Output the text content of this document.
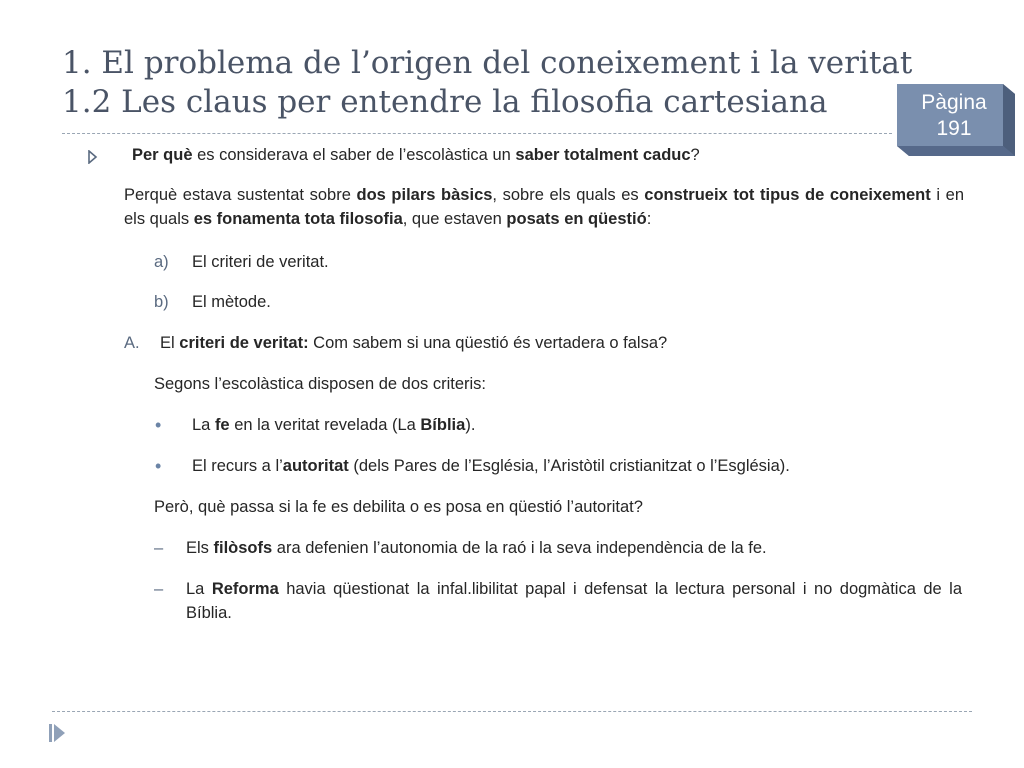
1. El problema de l’origen del coneixement i la veritat
1.2 Les claus per entendre la filosofia cartesiana	Pàgina
191
Per què es considerava el saber de l’escolàstica un saber totalment caduc?
Perquè estava sustentat sobre dos pilars bàsics, sobre els quals es construeix tot tipus de coneixement i en els quals es fonamenta tota filosofia, que estaven posats en qüestió:
a) El criteri de veritat.
b) El mètode.
A. El criteri de veritat: Com sabem si una qüestió és vertadera o falsa?
Segons l’escolàstica disposen de dos criteris:
• La fe en la veritat revelada (La Bíblia).
• El recurs a l’autoritat (dels Pares de l’Església, l’Aristòtil cristianitzat o l’Església).
Però, què passa si la fe es debilita o es posa en qüestió l’autoritat?
– Els filòsofs ara defenien l’autonomia de la raó i la seva independència de la fe.
– La Reforma havia qüestionat la infal.libilitat papal i defensat la lectura personal i no dogmàtica de la Bíblia.
